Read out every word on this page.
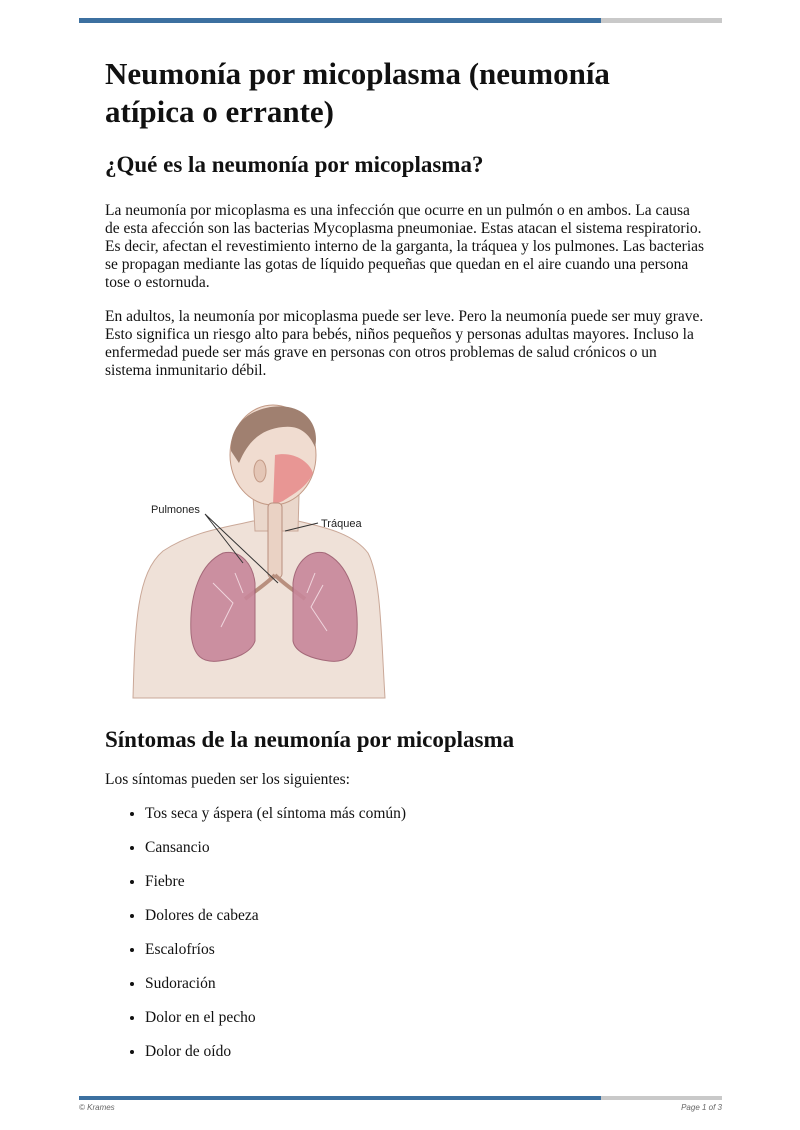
Neumonía por micoplasma (neumonía atípica o errante)
¿Qué es la neumonía por micoplasma?

La neumonía por micoplasma es una infección que ocurre en un pulmón o en ambos. La causa de esta afección son las bacterias Mycoplasma pneumoniae. Estas atacan el sistema respiratorio. Es decir, afectan el revestimiento interno de la garganta, la tráquea y los pulmones. Las bacterias se propagan mediante las gotas de líquido pequeñas que quedan en el aire cuando una persona tose o estornuda.

En adultos, la neumonía por micoplasma puede ser leve. Pero la neumonía puede ser muy grave. Esto significa un riesgo alto para bebés, niños pequeños y personas adultas mayores. Incluso la enfermedad puede ser más grave en personas con otros problemas de salud crónicos o un sistema inmunitario débil.

Pulmones
Tráquea
Síntomas de la neumonía por micoplasma

Los síntomas pueden ser los siguientes:

• Tos seca y áspera (el síntoma más común)
• Cansancio
• Fiebre
• Dolores de cabeza
• Escalofríos
• Sudoración
• Dolor en el pecho
• Dolor de oído
© Krames	Page 1 of 3
